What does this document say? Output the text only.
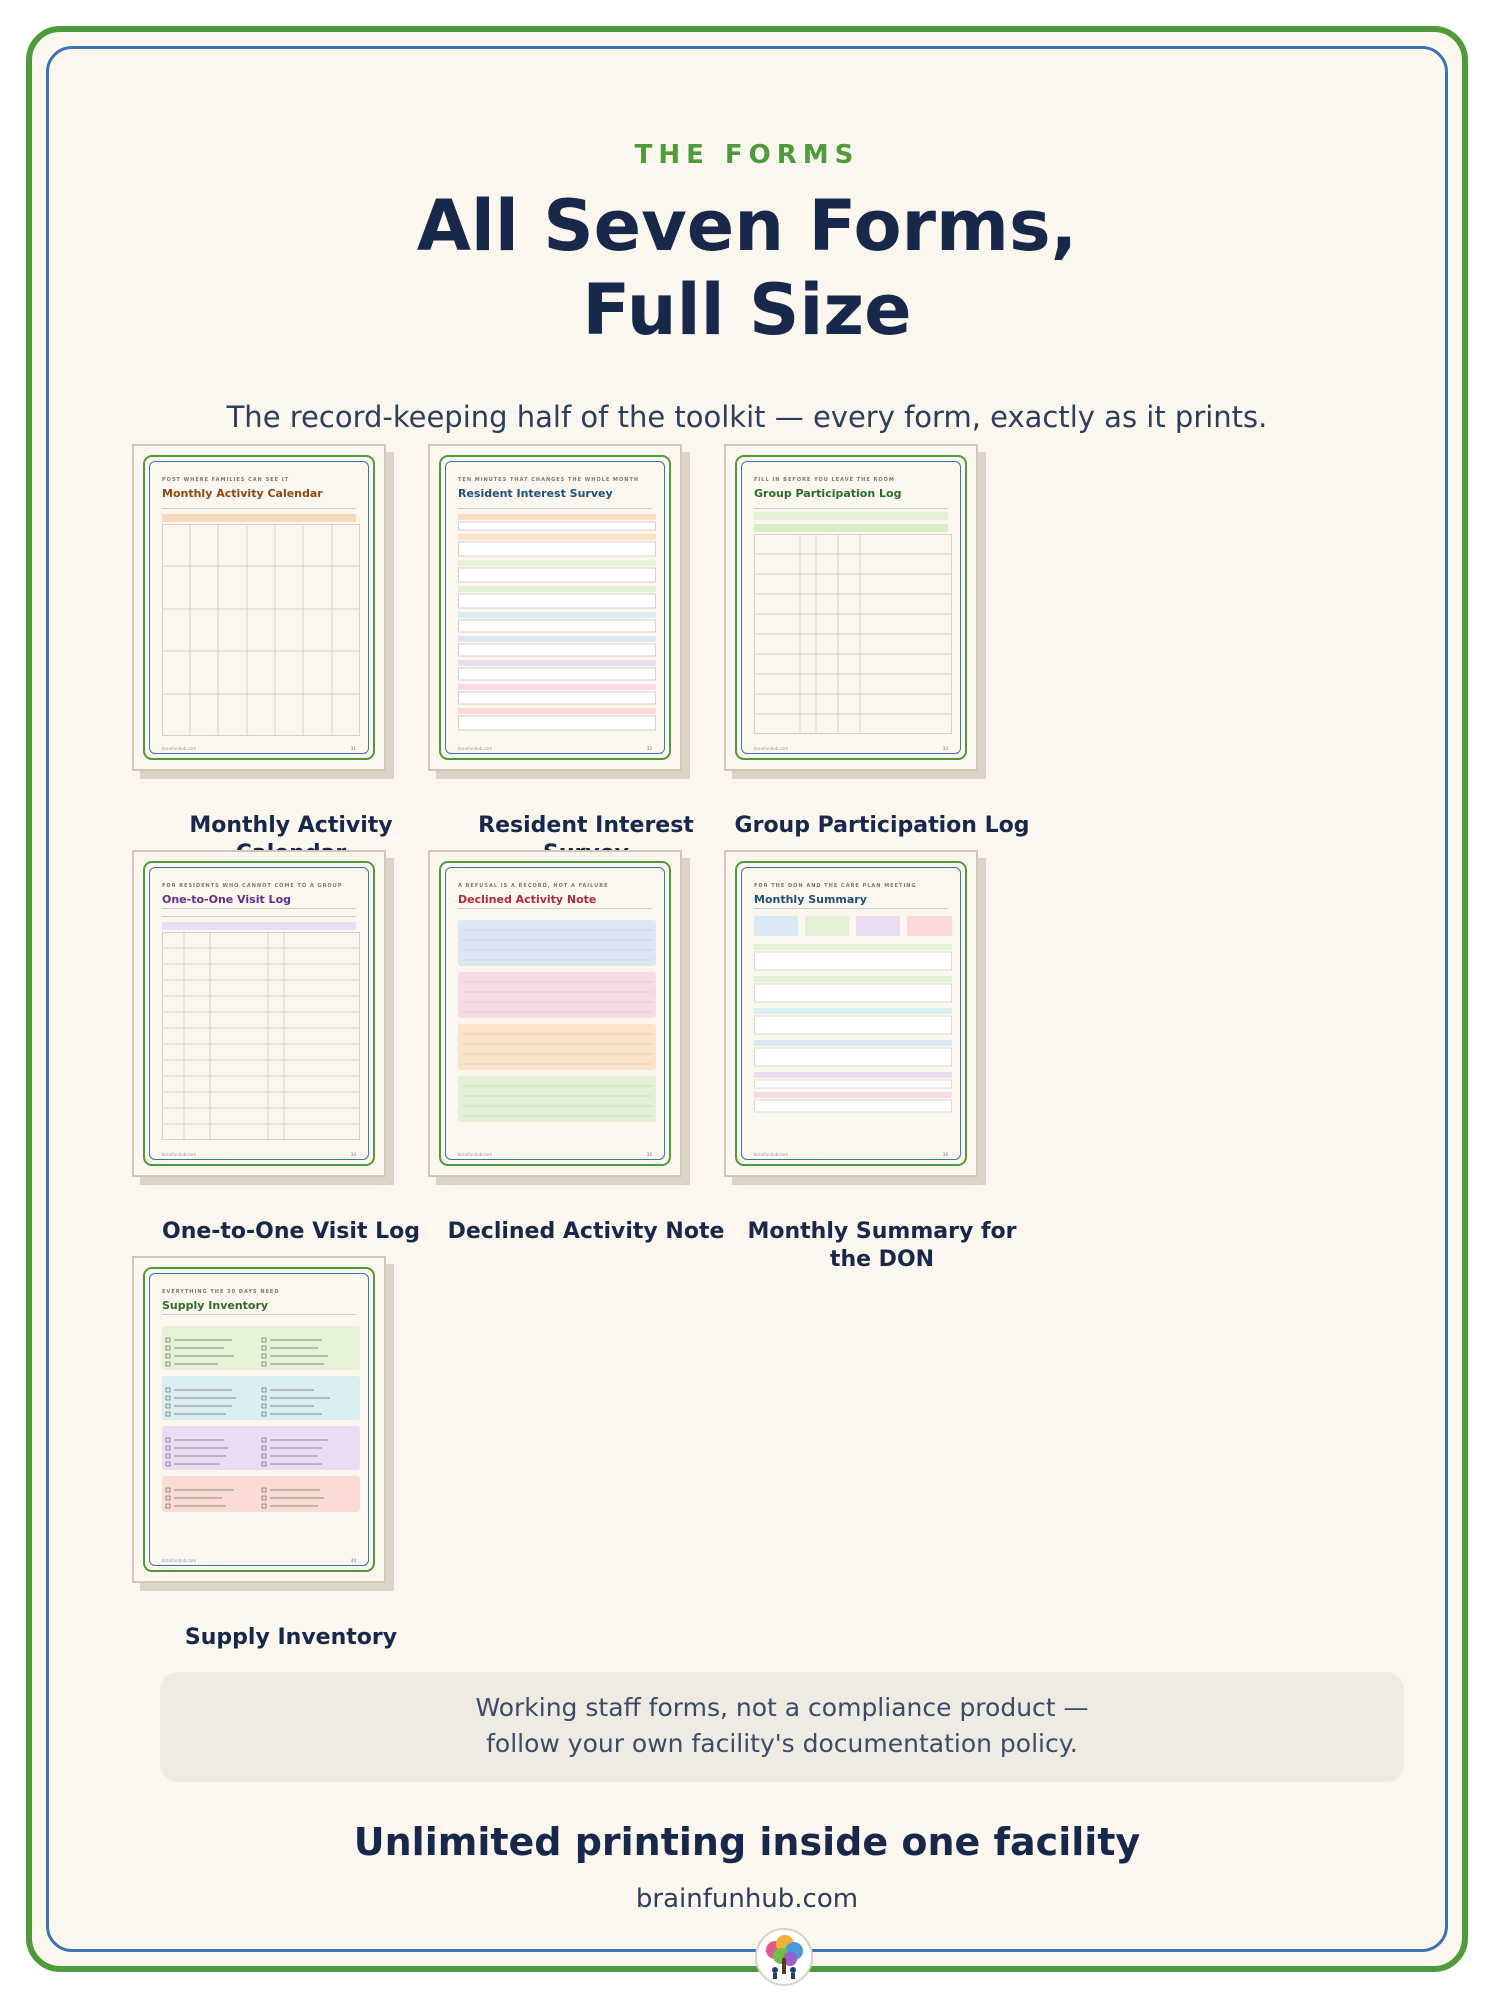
THE FORMS
All Seven Forms,
Full Size
The record-keeping half of the toolkit — every form, exactly as it prints.
POST WHERE FAMILIES CAN SEE IT
Monthly Activity Calendar
brainfunhub.com	31
Monthly Activity
TEN MINUTES THAT CHANGES THE WHOLE MONTH
Resident Interest Survey
brainfunhub.com	32
Resident Interest
FILL IN BEFORE YOU LEAVE THE ROOM
Group Participation Log
brainfunhub.com	33
Group Participation Log
FOR RESIDENTS WHO CANNOT COME TO A GROUP
One-to-One Visit Log
brainfunhub.com	34
One-to-One Visit Log
A REFUSAL IS A RECORD, NOT A FAILURE
Declined Activity Note
brainfunhub.com	35
Declined Activity Note
FOR THE DON AND THE CARE PLAN MEETING
Monthly Summary
brainfunhub.com	36
Monthly Summary for
the DON
EVERYTHING THE 30 DAYS NEED
Supply Inventory
brainfunhub.com	40
Supply Inventory
Working staff forms, not a compliance product —
follow your own facility's documentation policy.
Unlimited printing inside one facility
brainfunhub.com
